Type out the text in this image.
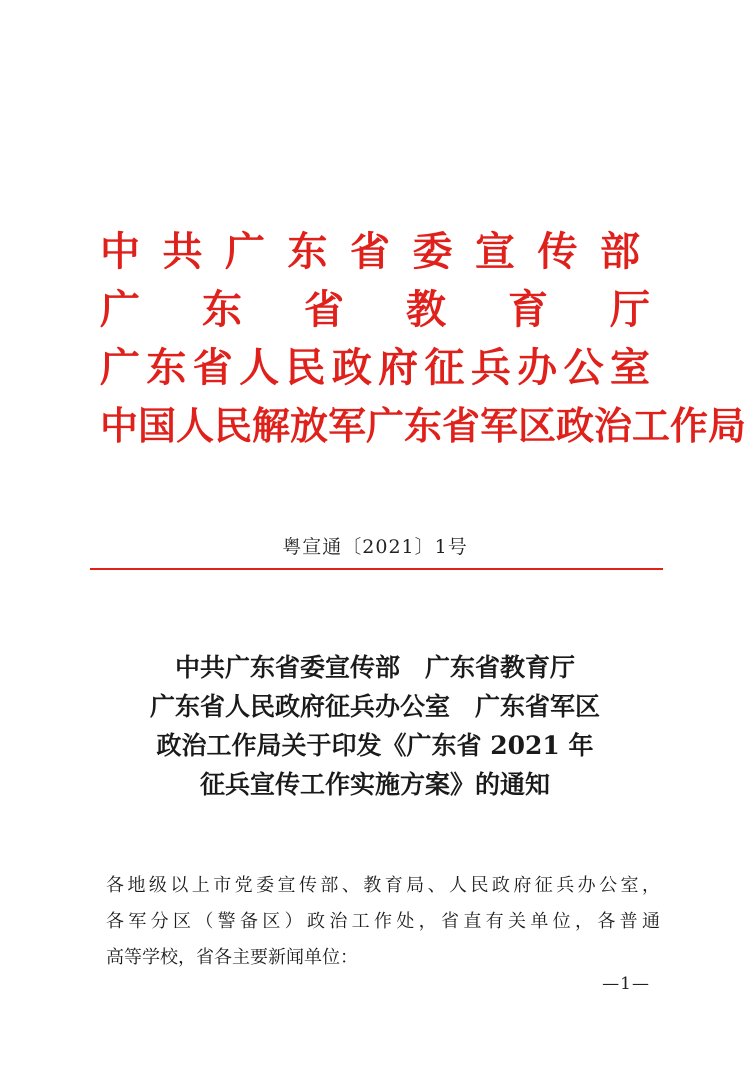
中共广东省委宣传部
广东省教育厅
广东省人民政府征兵办公室
中国人民解放军广东省军区政治工作局
粤宣通〔2021〕1号
中共广东省委宣传部　广东省教育厅
广东省人民政府征兵办公室　广东省军区
政治工作局关于印发《广东省 2021 年
征兵宣传工作实施方案》的通知
各地级以上市党委宣传部、教育局、人民政府征兵办公室，
各军分区（警备区）政治工作处，省直有关单位，各普通
高等学校，省各主要新闻单位：
—1—
